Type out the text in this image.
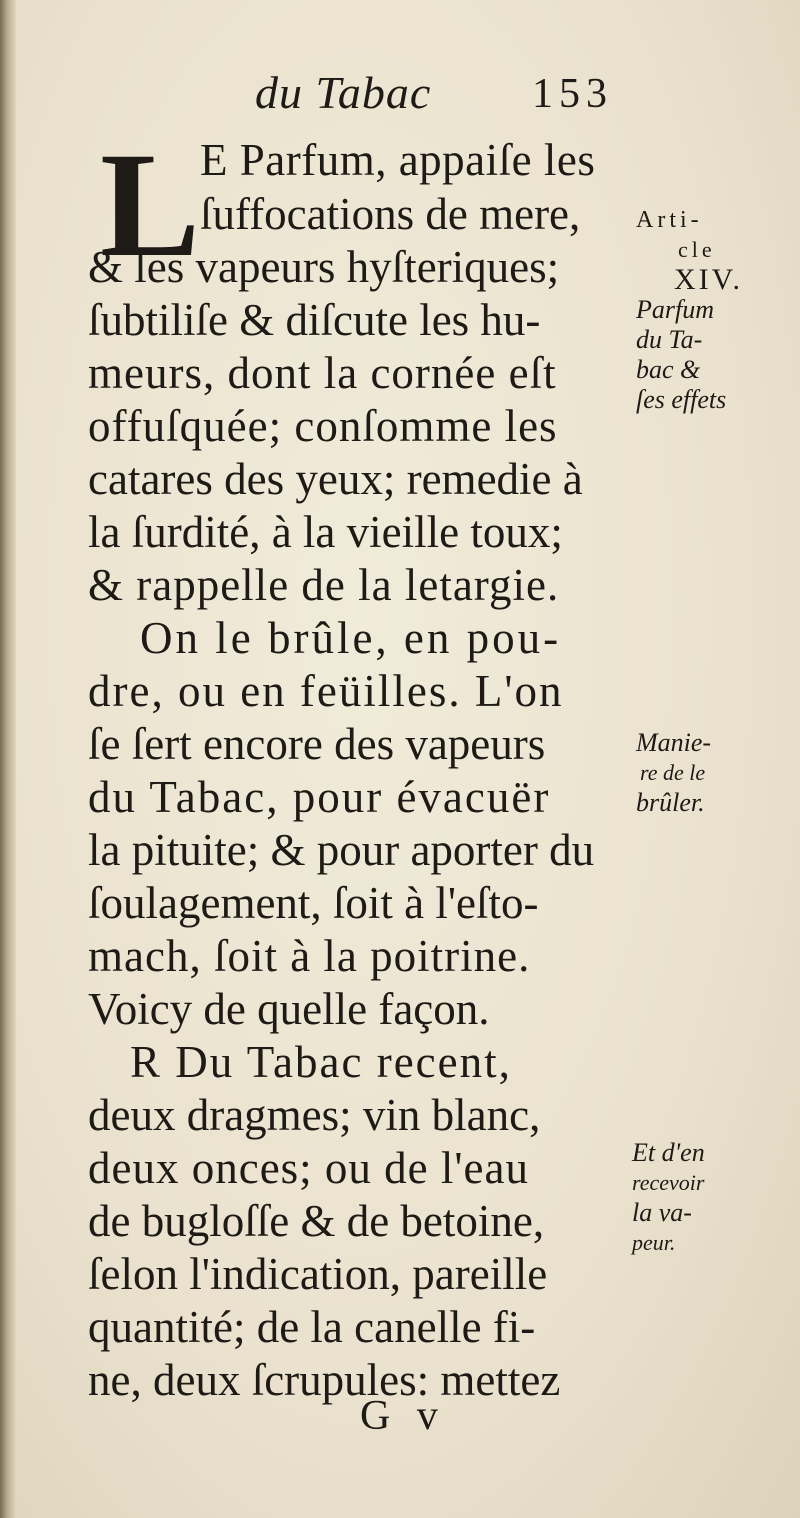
du Tabac 153
L E Parfum, appaiſe les
ſuffocations de mere,
& les vapeurs hyſteriques;
ſubtiliſe & diſcute les hu-
meurs, dont la cornée eſt
offuſquée; conſomme les
catares des yeux; remedie à
la ſurdité, à la vieille toux;
& rappelle de la letargie.
On le brûle, en pou-
dre, ou en feüilles. L'on
ſe ſert encore des vapeurs
du Tabac, pour évacuër
la pituite; & pour aporter du
ſoulagement, ſoit à l'eſto-
mach, ſoit à la poitrine.
Voicy de quelle façon.
R Du Tabac recent,
deux dragmes; vin blanc,
deux onces; ou de l'eau
de bugloſſe & de betoine,
ſelon l'indication, pareille
quantité; de la canelle fi-
ne, deux ſcrupules: mettez
Arti-
cle
XIV.
Parfum
du Ta-
bac &
ſes effets
Manie-
re de le
brûler.
Et d'en
recevoir
la va-
peur.
G v
